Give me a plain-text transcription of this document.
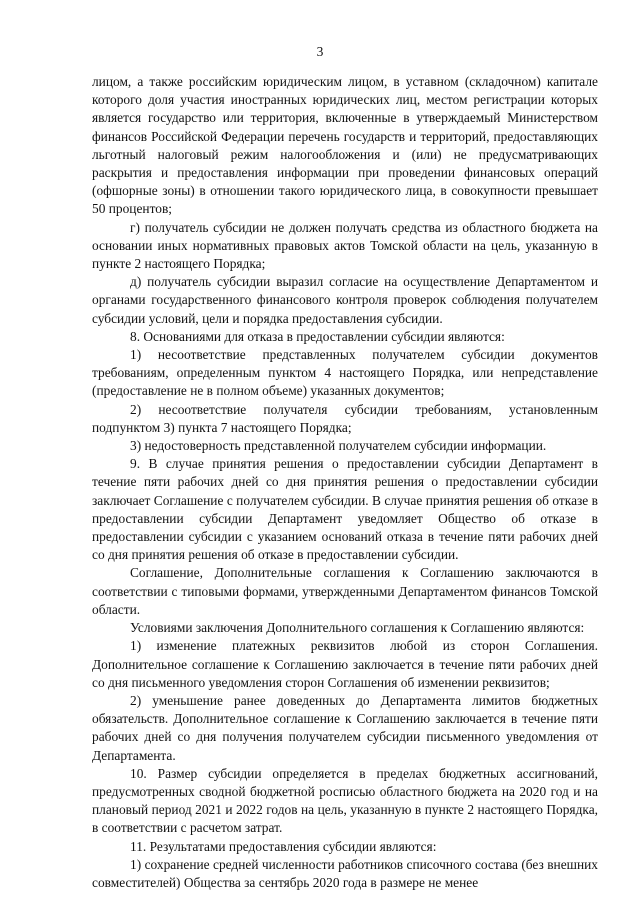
3

лицом, а также российским юридическим лицом, в уставном (складочном) капитале которого доля участия иностранных юридических лиц, местом регистрации которых является государство или территория, включенные в утверждаемый Министерством финансов Российской Федерации перечень государств и территорий, предоставляющих льготный налоговый режим налогообложения и (или) не предусматривающих раскрытия и предоставления информации при проведении финансовых операций (офшорные зоны) в отношении такого юридического лица, в совокупности превышает 50 процентов;

г) получатель субсидии не должен получать средства из областного бюджета на основании иных нормативных правовых актов Томской области на цель, указанную в пункте 2 настоящего Порядка;

д) получатель субсидии выразил согласие на осуществление Департаментом и органами государственного финансового контроля проверок соблюдения получателем субсидии условий, цели и порядка предоставления субсидии.

8. Основаниями для отказа в предоставлении субсидии являются:

1) несоответствие представленных получателем субсидии документов требованиям, определенным пунктом 4 настоящего Порядка, или непредставление (предоставление не в полном объеме) указанных документов;

2) несоответствие получателя субсидии требованиям, установленным подпунктом 3) пункта 7 настоящего Порядка;

3) недостоверность представленной получателем субсидии информации.

9. В случае принятия решения о предоставлении субсидии Департамент в течение пяти рабочих дней со дня принятия решения о предоставлении субсидии заключает Соглашение с получателем субсидии. В случае принятия решения об отказе в предоставлении субсидии Департамент уведомляет Общество об отказе в предоставлении субсидии с указанием оснований отказа в течение пяти рабочих дней со дня принятия решения об отказе в предоставлении субсидии.

Соглашение, Дополнительные соглашения к Соглашению заключаются в соответствии с типовыми формами, утвержденными Департаментом финансов Томской области.

Условиями заключения Дополнительного соглашения к Соглашению являются:

1) изменение платежных реквизитов любой из сторон Соглашения. Дополнительное соглашение к Соглашению заключается в течение пяти рабочих дней со дня письменного уведомления сторон Соглашения об изменении реквизитов;

2) уменьшение ранее доведенных до Департамента лимитов бюджетных обязательств. Дополнительное соглашение к Соглашению заключается в течение пяти рабочих дней со дня получения получателем субсидии письменного уведомления от Департамента.

10. Размер субсидии определяется в пределах бюджетных ассигнований, предусмотренных сводной бюджетной росписью областного бюджета на 2020 год и на плановый период 2021 и 2022 годов на цель, указанную в пункте 2 настоящего Порядка, в соответствии с расчетом затрат.

11. Результатами предоставления субсидии являются:

1) сохранение средней численности работников списочного состава (без внешних совместителей) Общества за сентябрь 2020 года в размере не менее
